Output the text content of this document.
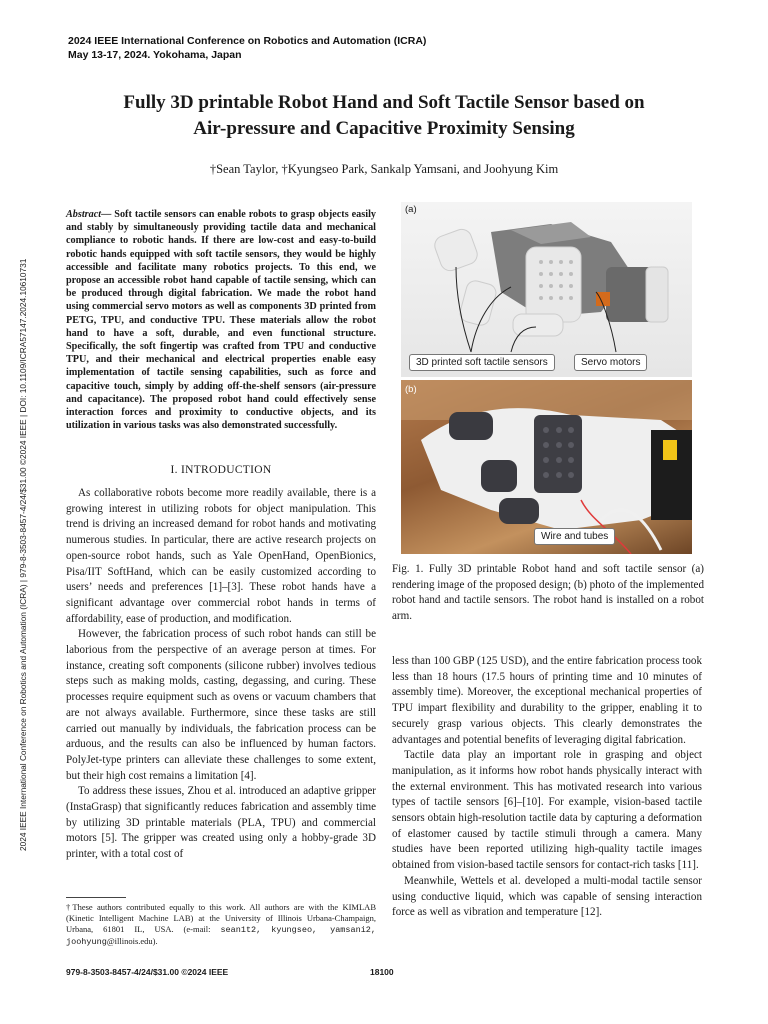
2024 IEEE International Conference on Robotics and Automation (ICRA)
May 13-17, 2024. Yokohama, Japan
2024 IEEE International Conference on Robotics and Automation (ICRA) | 979-8-3503-8457-4/24/$31.00 ©2024 IEEE | DOI: 10.1109/ICRA57147.2024.10610731
Fully 3D printable Robot Hand and Soft Tactile Sensor based on
Air-pressure and Capacitive Proximity Sensing
†Sean Taylor, †Kyungseo Park, Sankalp Yamsani, and Joohyung Kim
Abstract— Soft tactile sensors can enable robots to grasp objects easily and stably by simultaneously providing tactile data and mechanical compliance to robotic hands. If there are low-cost and easy-to-build robotic hands equipped with soft tactile sensors, they would be highly accessible and facilitate many robotics projects. To this end, we propose an accessible robot hand capable of tactile sensing, which can be produced through digital fabrication. We made the robot hand using commercial servo motors as well as components 3D printed from PETG, TPU, and conductive TPU. These materials allow the robot hand to have a soft, durable, and even functional structure. Specifically, the soft fingertip was crafted from TPU and conductive TPU, and their mechanical and electrical properties enable easy implementation of tactile sensing capabilities, such as force and capacitive touch, simply by adding off-the-shelf sensors (air-pressure and capacitance). The proposed robot hand could effectively sense interaction forces and proximity to conductive objects, and its utilization in various tasks was also demonstrated successfully.
I. INTRODUCTION

As collaborative robots become more readily available, there is a growing interest in utilizing robots for object manipulation. This trend is driving an increased demand for robot hands and motivating numerous studies. In particular, there are active research projects on open-source robot hands, such as Yale OpenHand, OpenBionics, Pisa/IIT SoftHand, which can be easily customized according to users’ needs and preferences [1]–[3]. These robot hands have a significant advantage over commercial robot hands in terms of affordability, ease of production, and modification.

However, the fabrication process of such robot hands can still be laborious from the perspective of an average person at times. For instance, creating soft components (silicone rubber) involves tedious steps such as making molds, casting, degassing, and curing. These processes require equipment such as ovens or vacuum chambers that are not always available. Furthermore, since these tasks are still carried out manually by individuals, the fabrication process can be arduous, and the results can also be influenced by human factors. PolyJet-type printers can alleviate these challenges to some extent, but their high cost remains a limitation [4].

To address these issues, Zhou et al. introduced an adaptive gripper (InstaGrasp) that significantly reduces fabrication and assembly time by utilizing 3D printable materials (PLA, TPU) and commercial motors [5]. The gripper was created using only a hobby-grade 3D printer, with a total cost of

†These authors contributed equally to this work. All authors are with the KIMLAB (Kinetic Intelligent Machine LAB) at the University of Illinois Urbana-Champaign, Urbana, 61801 IL, USA. (e-mail: sean1t2, kyungseo, yamsani2, joohyung@illinois.edu).
(a)
3D printed soft tactile sensors	Servo motors
(b)
Wire and tubes
Fig. 1. Fully 3D printable Robot hand and soft tactile sensor (a) rendering image of the proposed design; (b) photo of the implemented robot hand and tactile sensors. The robot hand is installed on a robot arm.

less than 100 GBP (125 USD), and the entire fabrication process took less than 18 hours (17.5 hours of printing time and 10 minutes of assembly time). Moreover, the exceptional mechanical properties of TPU impart flexibility and durability to the gripper, enabling it to securely grasp various objects. This clearly demonstrates the advantages and potential benefits of leveraging digital fabrication.

Tactile data play an important role in grasping and object manipulation, as it informs how robot hands physically interact with the external environment. This has motivated research into various types of tactile sensors [6]–[10]. For example, vision-based tactile sensors obtain high-resolution tactile data by capturing a deformation of elastomer caused by tactile stimuli through a camera. Many studies have been reported utilizing high-quality tactile images obtained from vision-based tactile sensors for contact-rich tasks [11].

Meanwhile, Wettels et al. developed a multi-modal tactile sensor using conductive liquid, which was capable of sensing interaction force as well as vibration and temperature [12].

979-8-3503-8457-4/24/$31.00 ©2024 IEEE	18100
